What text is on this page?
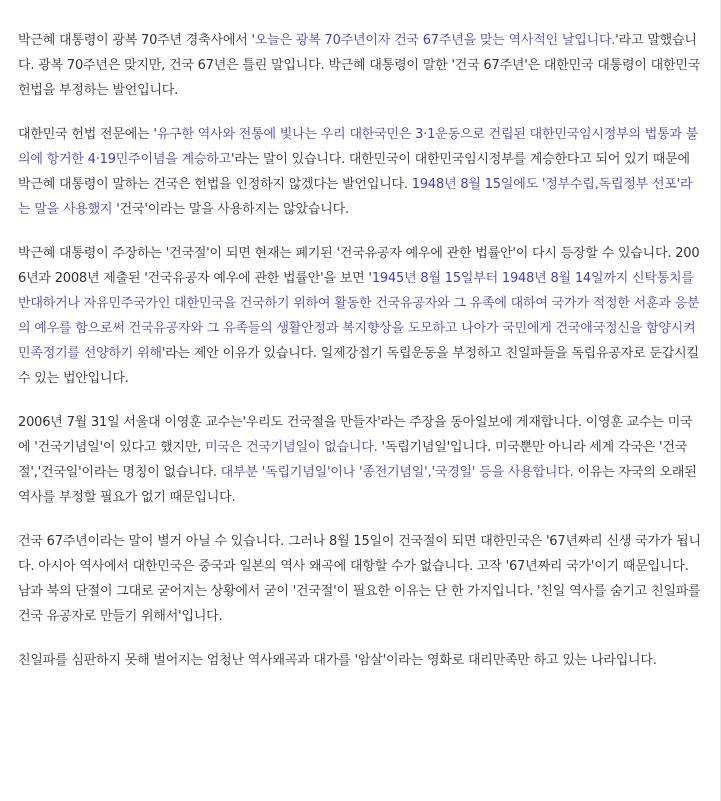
박근혜 대통령이 광복 70주년 경축사에서 '오늘은 광복 70주년이자 건국 67주년을 맞는 역사적인 날입니다.'라고 말했습니다. 광복 70주년은 맞지만, 건국 67년은 틀린 말입니다. 박근혜 대통령이 말한 '건국 67주년'은 대한민국 대통령이 대한민국 헌법을 부정하는 발언입니다.

대한민국 헌법 전문에는 '유구한 역사와 전통에 빛나는 우리 대한국민은 3·1운동으로 건립된 대한민국임시정부의 법통과 불의에 항거한 4·19민주이념을 계승하고'라는 말이 있습니다. 대한민국이 대한민국임시정부를 계승한다고 되어 있기 때문에 박근혜 대통령이 말하는 건국은 헌법을 인정하지 않겠다는 발언입니다. 1948년 8월 15일에도 '정부수립,독립정부 선포'라는 말을 사용했지 '건국'이라는 말을 사용하지는 않았습니다.

박근혜 대통령이 주장하는 '건국절'이 되면 현재는 폐기된 '건국유공자 예우에 관한 법률안'이 다시 등장할 수 있습니다. 2006년과 2008년 제출된 '건국유공자 예우에 관한 법률안'을 보면 '1945년 8월 15일부터 1948년 8월 14일까지 신탁통치를 반대하거나 자유민주국가인 대한민국을 건국하기 위하여 활동한 건국유공자와 그 유족에 대하여 국가가 적정한 서훈과 응분의 예우를 함으로써 건국유공자와 그 유족들의 생활안정과 복지향상을 도모하고 나아가 국민에게 건국애국정신을 함양시켜 민족정기를 선양하기 위해'라는 제안 이유가 있습니다. 일제강점기 독립운동을 부정하고 친일파들을 독립유공자로 둔갑시킬 수 있는 법안입니다.

2006년 7월 31일 서울대 이영훈 교수는'우리도 건국절을 만들자'라는 주장을 동아일보에 게재합니다. 이영훈 교수는 미국에 '건국기념일'이 있다고 했지만, 미국은 건국기념일이 없습니다. '독립기념일'입니다. 미국뿐만 아니라 세계 각국은 '건국절','건국일'이라는 명칭이 없습니다. 대부분 '독립기념일'이나 '종전기념일','국경일' 등을 사용합니다. 이유는 자국의 오래된 역사를 부정할 필요가 없기 때문입니다.

건국 67주년이라는 말이 별거 아닐 수 있습니다. 그러나 8월 15일이 건국절이 되면 대한민국은 '67년짜리 신생 국가가 됩니다. 아시아 역사에서 대한민국은 중국과 일본의 역사 왜곡에 대항할 수가 없습니다. 고작 '67년짜리 국가'이기 때문입니다. 남과 북의 단절이 그대로 굳어지는 상황에서 굳이 '건국절'이 필요한 이유는 단 한 가지입니다. '친일 역사를 숨기고 친일파를 건국 유공자로 만들기 위해서'입니다.

친일파를 심판하지 못해 벌어지는 엄청난 역사왜곡과 대가를 '암살'이라는 영화로 대리만족만 하고 있는 나라입니다.
